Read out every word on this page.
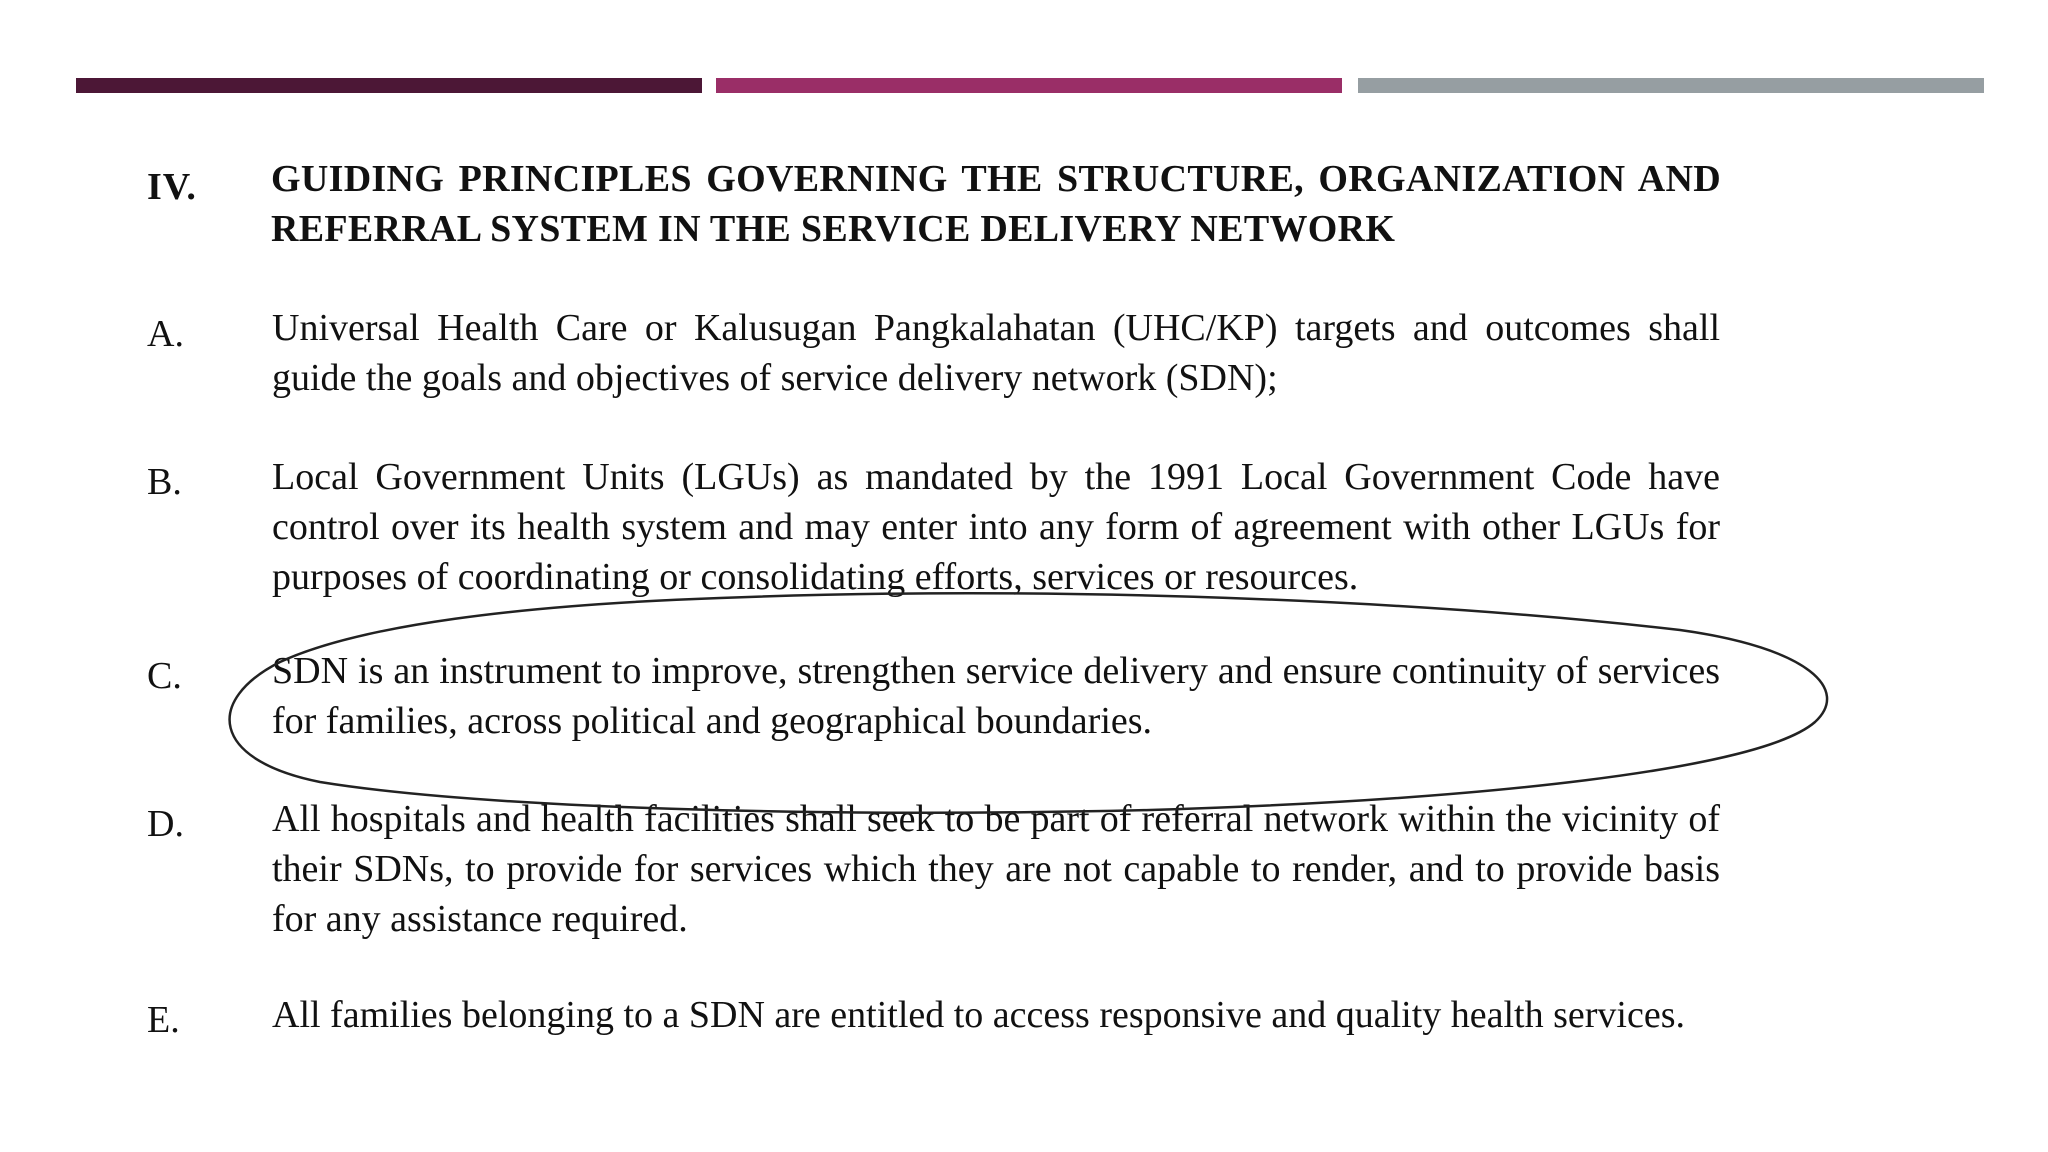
IV. GUIDING PRINCIPLES GOVERNING THE STRUCTURE, ORGANIZATION AND REFERRAL SYSTEM IN THE SERVICE DELIVERY NETWORK
A. Universal Health Care or Kalusugan Pangkalahatan (UHC/KP) targets and outcomes shall guide the goals and objectives of service delivery network (SDN);
B. Local Government Units (LGUs) as mandated by the 1991 Local Government Code have control over its health system and may enter into any form of agreement with other LGUs for purposes of coordinating or consolidating efforts, services or resources.
C. SDN is an instrument to improve, strengthen service delivery and ensure continuity of services for families, across political and geographical boundaries.
D. All hospitals and health facilities shall seek to be part of referral network within the vicinity of their SDNs, to provide for services which they are not capable to render, and to provide basis for any assistance required.
E. All families belonging to a SDN are entitled to access responsive and quality health services.
